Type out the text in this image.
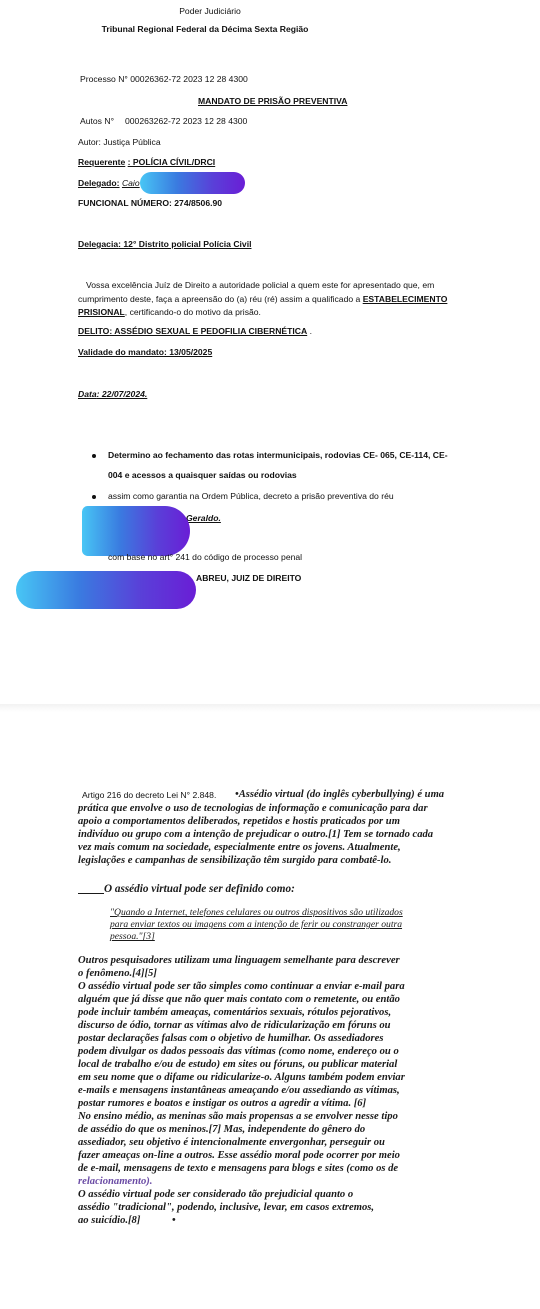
Poder Judiciário
Tribunal Regional Federal da Décima Sexta Região
Processo N° 00026362-72 2023 12 28 4300
MANDATO DE PRISÃO PREVENTIVA
Autos N° 000263262-72 2023 12 28 4300
Autor: Justiça Pública
Requerente : POLÍCIA CÍVIL/DRCI
Delegado: Caio
FUNCIONAL NÚMERO: 274/8506.90
Delegacia: 12° Distrito policial Polícia Civil
Vossa excelência Juíz de Direito a autoridade policial a quem este for apresentado que, em
cumprimento deste, faça a apreensão do (a) réu (ré) assim a qualificado a ESTABELECIMENTO
PRISIONAL, certificando-o do motivo da prisão.
DELITO: ASSÉDIO SEXUAL E PEDOFILIA CIBERNÉTICA .
Validade do mandato: 13/05/2025
Data: 22/07/2024.
Determino ao fechamento das rotas intermunicipais, rodovias CE- 065, CE-114, CE-
004 e acessos a quaisquer saídas ou rodovias
assim como garantia na Ordem Pública, decreto a prisão preventiva do réu
Geraldo.
com base no art° 241 do código de processo penal
ABREU, JUIZ DE DIREITO
Artigo 216 do decreto Lei N° 2.848. •Assédio virtual (do inglês cyberbullying) é uma
prática que envolve o uso de tecnologias de informação e comunicação para dar
apoio a comportamentos deliberados, repetidos e hostis praticados por um
indivíduo ou grupo com a intenção de prejudicar o outro.[1] Tem se tornado cada
vez mais comum na sociedade, especialmente entre os jovens. Atualmente,
legislações e campanhas de sensibilização têm surgido para combatê-lo.
O assédio virtual pode ser definido como:
"Quando a Internet, telefones celulares ou outros dispositivos são utilizados
para enviar textos ou imagens com a intenção de ferir ou constranger outra
pessoa."[3]
Outros pesquisadores utilizam uma linguagem semelhante para descrever
o fenômeno.[4][5]
O assédio virtual pode ser tão simples como continuar a enviar e-mail para
alguém que já disse que não quer mais contato com o remetente, ou então
pode incluir também ameaças, comentários sexuais, rótulos pejorativos,
discurso de ódio, tornar as vítimas alvo de ridicularização em fóruns ou
postar declarações falsas com o objetivo de humilhar. Os assediadores
podem divulgar os dados pessoais das vítimas (como nome, endereço ou o
local de trabalho e/ou de estudo) em sites ou fóruns, ou publicar material
em seu nome que o difame ou ridicularize-o. Alguns também podem enviar
e-mails e mensagens instantâneas ameaçando e/ou assediando as vítimas,
postar rumores e boatos e instigar os outros a agredir a vítima. [6]
No ensino médio, as meninas são mais propensas a se envolver nesse tipo
de assédio do que os meninos.[7] Mas, independente do gênero do
assediador, seu objetivo é intencionalmente envergonhar, perseguir ou
fazer ameaças on-line a outros. Esse assédio moral pode ocorrer por meio
de e-mail, mensagens de texto e mensagens para blogs e sites (como os de
relacionamento).
O assédio virtual pode ser considerado tão prejudicial quanto o
assédio "tradicional", podendo, inclusive, levar, em casos extremos,
ao suicídio.[8]	•
